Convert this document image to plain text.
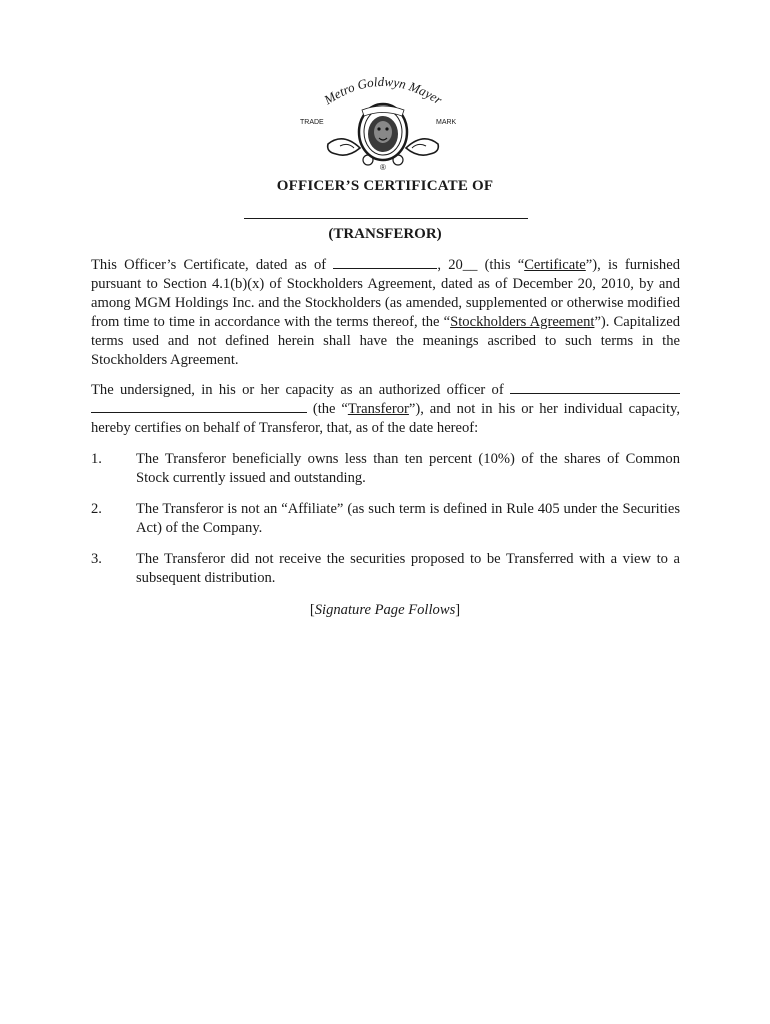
Metro Goldwyn Mayer
TRADE	MARK
®
OFFICER’S CERTIFICATE OF
(TRANSFEROR)
This Officer’s Certificate, dated as of	, 20__ (this “Certificate”), is furnished pursuant to Section 4.1(b)(x) of Stockholders Agreement, dated as of December 20, 2010, by and among MGM Holdings Inc. and the Stockholders (as amended, supplemented or otherwise modified from time to time in accordance with the terms thereof, the “Stockholders Agreement”). Capitalized terms used and not defined herein shall have the meanings ascribed to such terms in the Stockholders Agreement.
The undersigned, in his or her capacity as an authorized officer of   (the “Transferor”), and not in his or her individual capacity, hereby certifies on behalf of Transferor, that, as of the date hereof:
1. The Transferor beneficially owns less than ten percent (10%) of the shares of Common Stock currently issued and outstanding.
2. The Transferor is not an “Affiliate” (as such term is defined in Rule 405 under the Securities Act) of the Company.
3. The Transferor did not receive the securities proposed to be Transferred with a view to a subsequent distribution.
[Signature Page Follows]
